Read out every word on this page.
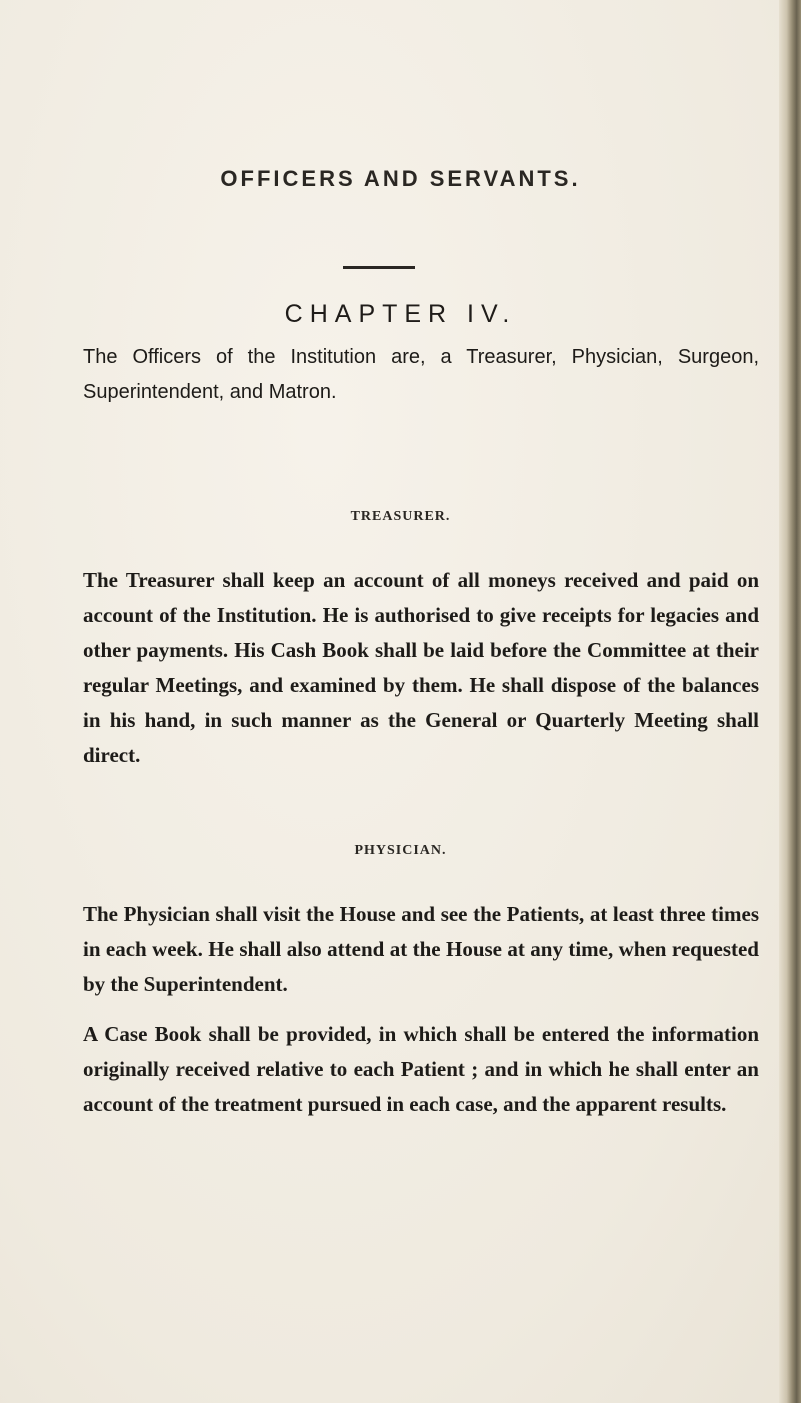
OFFICERS AND SERVANTS.
CHAPTER IV.

The Officers of the Institution are, a Treasurer, Physician, Surgeon, Superintendent, and Matron.

TREASURER.

The Treasurer shall keep an account of all moneys received and paid on account of the Institution. He is authorised to give receipts for legacies and other payments. His Cash Book shall be laid before the Committee at their regular Meetings, and examined by them. He shall dispose of the balances in his hand, in such manner as the General or Quarterly Meeting shall direct.

PHYSICIAN.

The Physician shall visit the House and see the Patients, at least three times in each week. He shall also attend at the House at any time, when requested by the Superintendent.

A Case Book shall be provided, in which shall be entered the information originally received relative to each Patient ; and in which he shall enter an account of the treatment pursued in each case, and the apparent results.
